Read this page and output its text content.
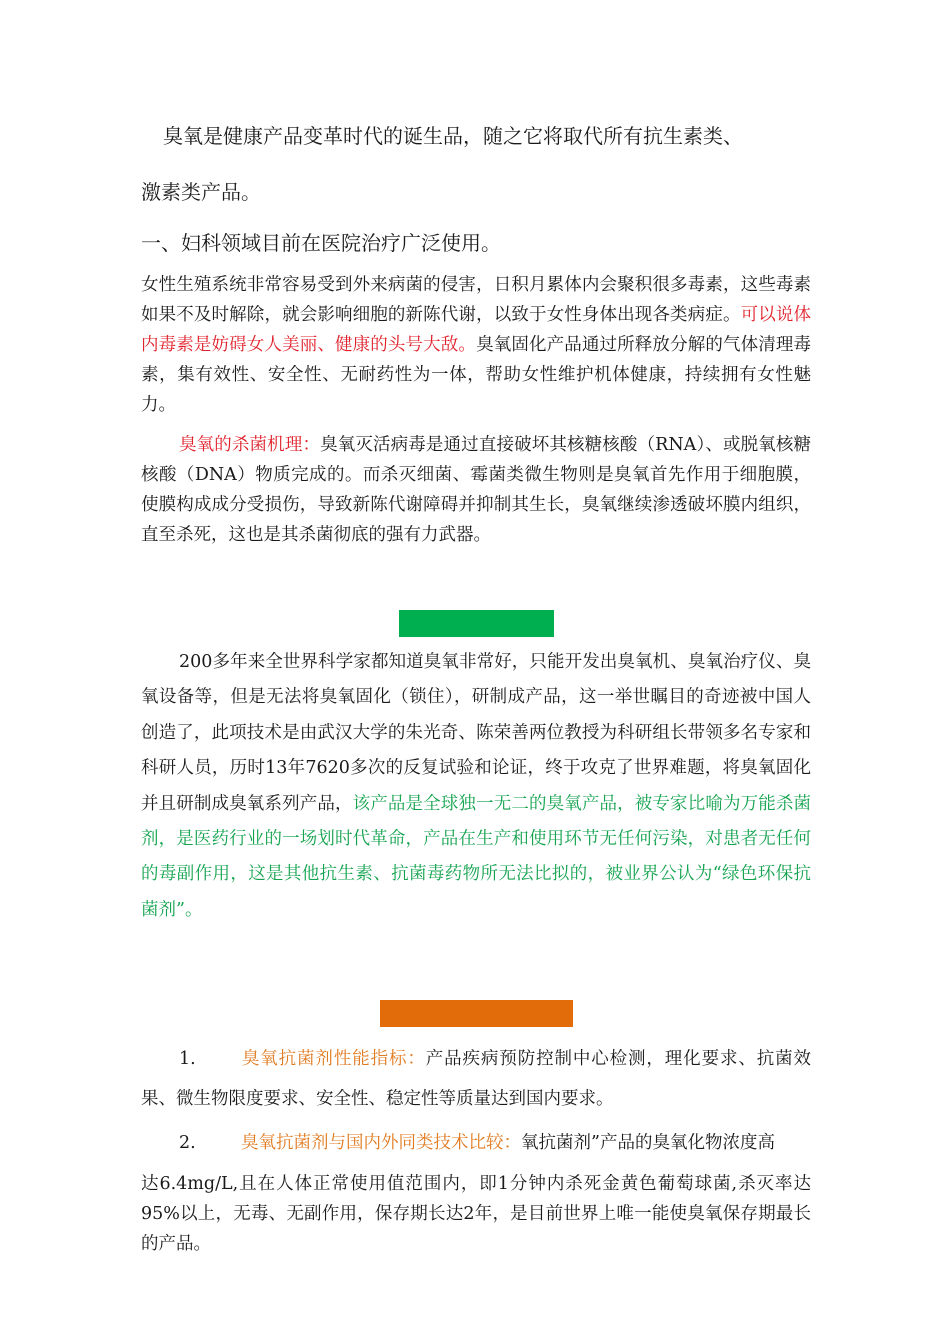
臭氧是健康产品变革时代的诞生品，随之它将取代所有抗生素类、
激素类产品。

一、妇科领域目前在医院治疗广泛使用。

女性生殖系统非常容易受到外来病菌的侵害，日积月累体内会聚积很多毒素，这些毒素如果不及时解除，就会影响细胞的新陈代谢，以致于女性身体出现各类病症。可以说体内毒素是妨碍女人美丽、健康的头号大敌。臭氧固化产品通过所释放分解的气体清理毒素，集有效性、安全性、无耐药性为一体，帮助女性维护机体健康，持续拥有女性魅力。

臭氧的杀菌机理：臭氧灭活病毒是通过直接破坏其核糖核酸（RNA）、或脱氧核糖核酸（DNA）物质完成的。而杀灭细菌、霉菌类微生物则是臭氧首先作用于细胞膜，使膜构成成分受损伤，导致新陈代谢障碍并抑制其生长，臭氧继续渗透破坏膜内组织，直至杀死，这也是其杀菌彻底的强有力武器。

200多年来全世界科学家都知道臭氧非常好，只能开发出臭氧机、臭氧治疗仪、臭氧设备等，但是无法将臭氧固化（锁住），研制成产品，这一举世瞩目的奇迹被中国人创造了，此项技术是由武汉大学的朱光奇、陈荣善两位教授为科研组长带领多名专家和科研人员，历时13年7620多次的反复试验和论证，终于攻克了世界难题，将臭氧固化并且研制成臭氧系列产品，该产品是全球独一无二的臭氧产品，被专家比喻为万能杀菌剂，是医药行业的一场划时代革命，产品在生产和使用环节无任何污染，对患者无任何的毒副作用，这是其他抗生素、抗菌毒药物所无法比拟的，被业界公认为“绿色环保抗菌剂”。

1.	臭氧抗菌剂性能指标：产品疾病预防控制中心检测，理化要求、抗菌效果、微生物限度要求、安全性、稳定性等质量达到国内要求。

2.	臭氧抗菌剂与国内外同类技术比较：氧抗菌剂”产品的臭氧化物浓度高

达6.4mg/L,且在人体正常使用值范围内，即1分钟内杀死金黄色葡萄球菌,杀灭率达95%以上，无毒、无副作用，保存期长达2年，是目前世界上唯一能使臭氧保存期最长的产品。
